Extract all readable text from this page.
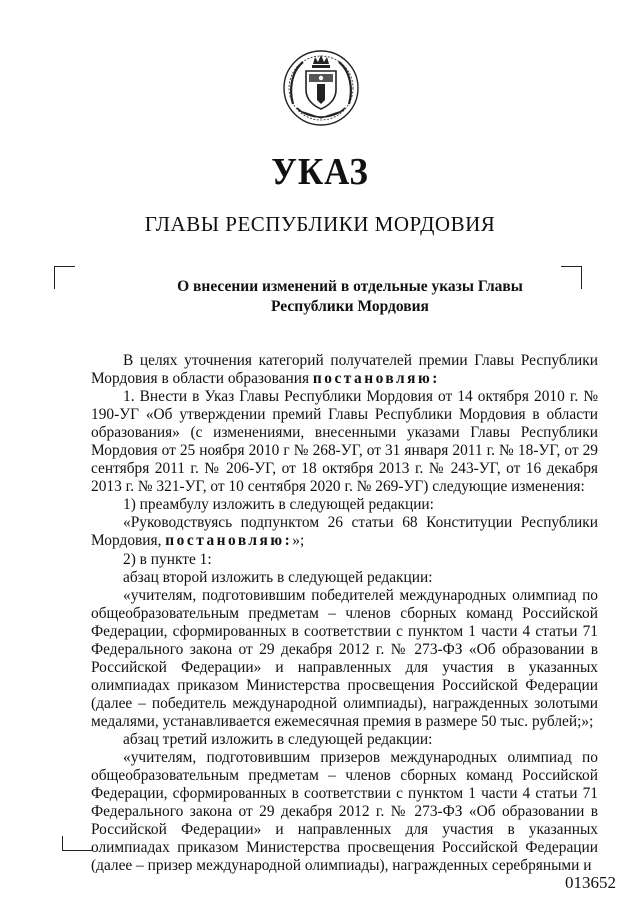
УКАЗ
ГЛАВЫ РЕСПУБЛИКИ МОРДОВИЯ
О внесении изменений в отдельные указы Главы
Республики Мордовия

В целях уточнения категорий получателей премии Главы Республики Мордовия в области образования постановляю:

1. Внести в Указ Главы Республики Мордовия от 14 октября 2010 г. № 190-УГ «Об утверждении премий Главы Республики Мордовия в области образования» (с изменениями, внесенными указами Главы Республики Мордовия от 25 ноября 2010 г № 268-УГ, от 31 января 2011 г. № 18-УГ, от 29 сентября 2011 г. № 206-УГ, от 18 октября 2013 г. № 243-УГ, от 16 декабря 2013 г. № 321-УГ, от 10 сентября 2020 г. № 269-УГ) следующие изменения:

1) преамбулу изложить в следующей редакции:

«Руководствуясь подпунктом 26 статьи 68 Конституции Республики Мордовия, постановляю:»;

2) в пункте 1:

абзац второй изложить в следующей редакции:

«учителям, подготовившим победителей международных олимпиад по общеобразовательным предметам – членов сборных команд Российской Федерации, сформированных в соответствии с пунктом 1 части 4 статьи 71 Федерального закона от 29 декабря 2012 г. № 273-ФЗ «Об образовании в Российской Федерации» и направленных для участия в указанных олимпиадах приказом Министерства просвещения Российской Федерации (далее – победитель международной олимпиады), награжденных золотыми медалями, устанавливается ежемесячная премия в размере 50 тыс. рублей;»;

абзац третий изложить в следующей редакции:

«учителям, подготовившим призеров международных олимпиад по общеобразовательным предметам – членов сборных команд Российской Федерации, сформированных в соответствии с пунктом 1 части 4 статьи 71 Федерального закона от 29 декабря 2012 г. № 273-ФЗ «Об образовании в Российской Федерации» и направленных для участия в указанных олимпиадах приказом Министерства просвещения Российской Федерации (далее – призер международной олимпиады), награжденных серебряными и

013652
